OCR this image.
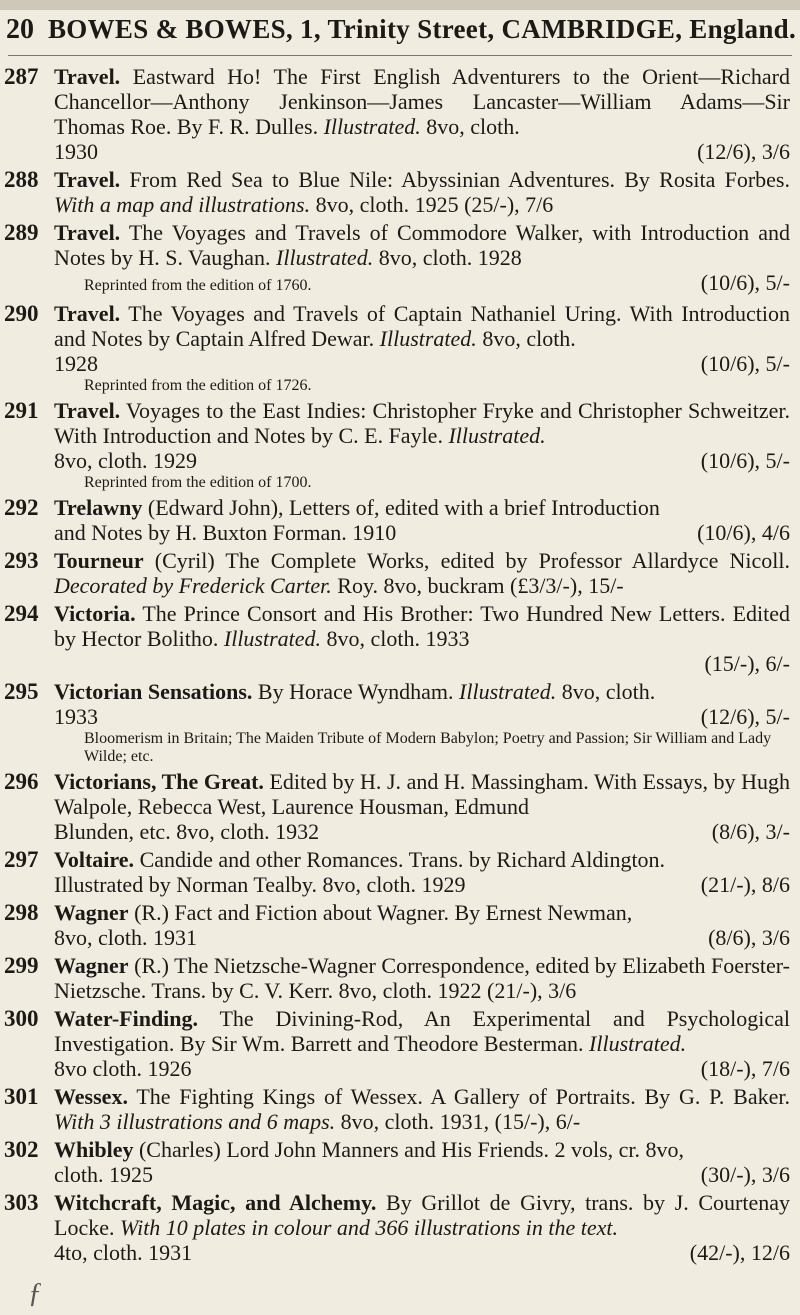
20 BOWES & BOWES, 1, Trinity Street, CAMBRIDGE, England.
287 Travel. Eastward Ho! The First English Adventurers to the Orient—Richard Chancellor—Anthony Jenkinson—James Lancaster—William Adams—Sir Thomas Roe. By F. R. Dulles. Illustrated. 8vo, cloth.
1930	(12/6), 3/6
288 Travel. From Red Sea to Blue Nile: Abyssinian Adventures. By Rosita Forbes. With a map and illustrations. 8vo, cloth. 1925 (25/-), 7/6
289 Travel. The Voyages and Travels of Commodore Walker, with Introduction and Notes by H. S. Vaughan. Illustrated. 8vo, cloth. 1928
Reprinted from the edition of 1760.	(10/6), 5/-
290 Travel. The Voyages and Travels of Captain Nathaniel Uring. With Introduction and Notes by Captain Alfred Dewar. Illustrated. 8vo, cloth.
1928	(10/6), 5/-
Reprinted from the edition of 1726.
291 Travel. Voyages to the East Indies: Christopher Fryke and Christopher Schweitzer. With Introduction and Notes by C. E. Fayle. Illustrated.
8vo, cloth. 1929	(10/6), 5/-
Reprinted from the edition of 1700.
292 Trelawny (Edward John), Letters of, edited with a brief Introduction
and Notes by H. Buxton Forman. 1910	(10/6), 4/6
293 Tourneur (Cyril) The Complete Works, edited by Professor Allardyce Nicoll. Decorated by Frederick Carter. Roy. 8vo, buckram (£3/3/-), 15/-
294 Victoria. The Prince Consort and His Brother: Two Hundred New Letters. Edited by Hector Bolitho. Illustrated. 8vo, cloth. 1933
(15/-), 6/-
295 Victorian Sensations. By Horace Wyndham. Illustrated. 8vo, cloth.
1933	(12/6), 5/-
Bloomerism in Britain; The Maiden Tribute of Modern Babylon; Poetry and Passion; Sir William and Lady Wilde; etc.
296 Victorians, The Great. Edited by H. J. and H. Massingham. With Essays, by Hugh Walpole, Rebecca West, Laurence Housman, Edmund
Blunden, etc. 8vo, cloth. 1932	(8/6), 3/-
297 Voltaire. Candide and other Romances. Trans. by Richard Aldington.
Illustrated by Norman Tealby. 8vo, cloth. 1929	(21/-), 8/6
298 Wagner (R.) Fact and Fiction about Wagner. By Ernest Newman,
8vo, cloth. 1931	(8/6), 3/6
299 Wagner (R.) The Nietzsche-Wagner Correspondence, edited by Elizabeth Foerster-Nietzsche. Trans. by C. V. Kerr. 8vo, cloth. 1922 (21/-), 3/6
300 Water-Finding. The Divining-Rod, An Experimental and Psychological Investigation. By Sir Wm. Barrett and Theodore Besterman. Illustrated.
8vo cloth. 1926	(18/-), 7/6
301 Wessex. The Fighting Kings of Wessex. A Gallery of Portraits. By G. P. Baker. With 3 illustrations and 6 maps. 8vo, cloth. 1931, (15/-), 6/-
302 Whibley (Charles) Lord John Manners and His Friends. 2 vols, cr. 8vo,
cloth. 1925	(30/-), 3/6
303 Witchcraft, Magic, and Alchemy. By Grillot de Givry, trans. by J. Courtenay Locke. With 10 plates in colour and 366 illustrations in the text.
4to, cloth. 1931	(42/-), 12/6
ƒ
